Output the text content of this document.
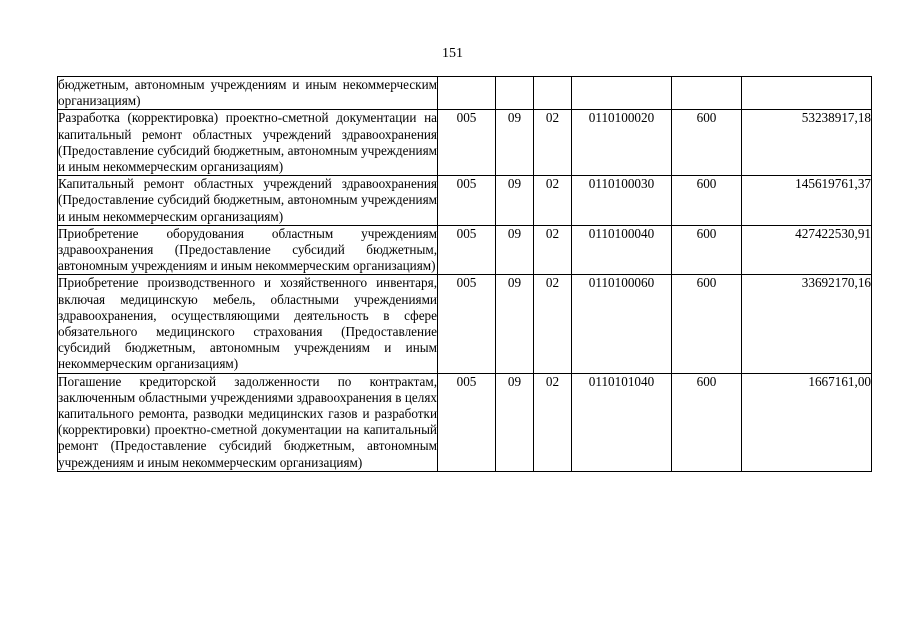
151
бюджетным, автономным учреждениям и иным некоммерческим организациям)						
Разработка (корректировка) проектно-сметной документации на капитальный ремонт областных учреждений здравоохранения (Предоставление субсидий бюджетным, автономным учреждениям и иным некоммерческим организациям)	005	09	02	0110100020	600	53238917,18
Капитальный ремонт областных учреждений здравоохранения (Предоставление субсидий бюджетным, автономным учреждениям и иным некоммерческим организациям)	005	09	02	0110100030	600	145619761,37
Приобретение оборудования областным учреждениям здравоохранения (Предоставление субсидий бюджетным, автономным учреждениям и иным некоммерческим организациям)	005	09	02	0110100040	600	427422530,91
Приобретение производственного и хозяйственного инвентаря, включая медицинскую мебель, областными учреждениями здравоохранения, осуществляющими деятельность в сфере обязательного медицинского страхования (Предоставление субсидий бюджетным, автономным учреждениям и иным некоммерческим организациям)	005	09	02	0110100060	600	33692170,16
Погашение кредиторской задолженности по контрактам, заключенным областными учреждениями здравоохранения в целях капитального ремонта, разводки медицинских газов и разработки (корректировки) проектно-сметной документации на капитальный ремонт (Предоставление субсидий бюджетным, автономным учреждениям и иным некоммерческим организациям)	005	09	02	0110101040	600	1667161,00
